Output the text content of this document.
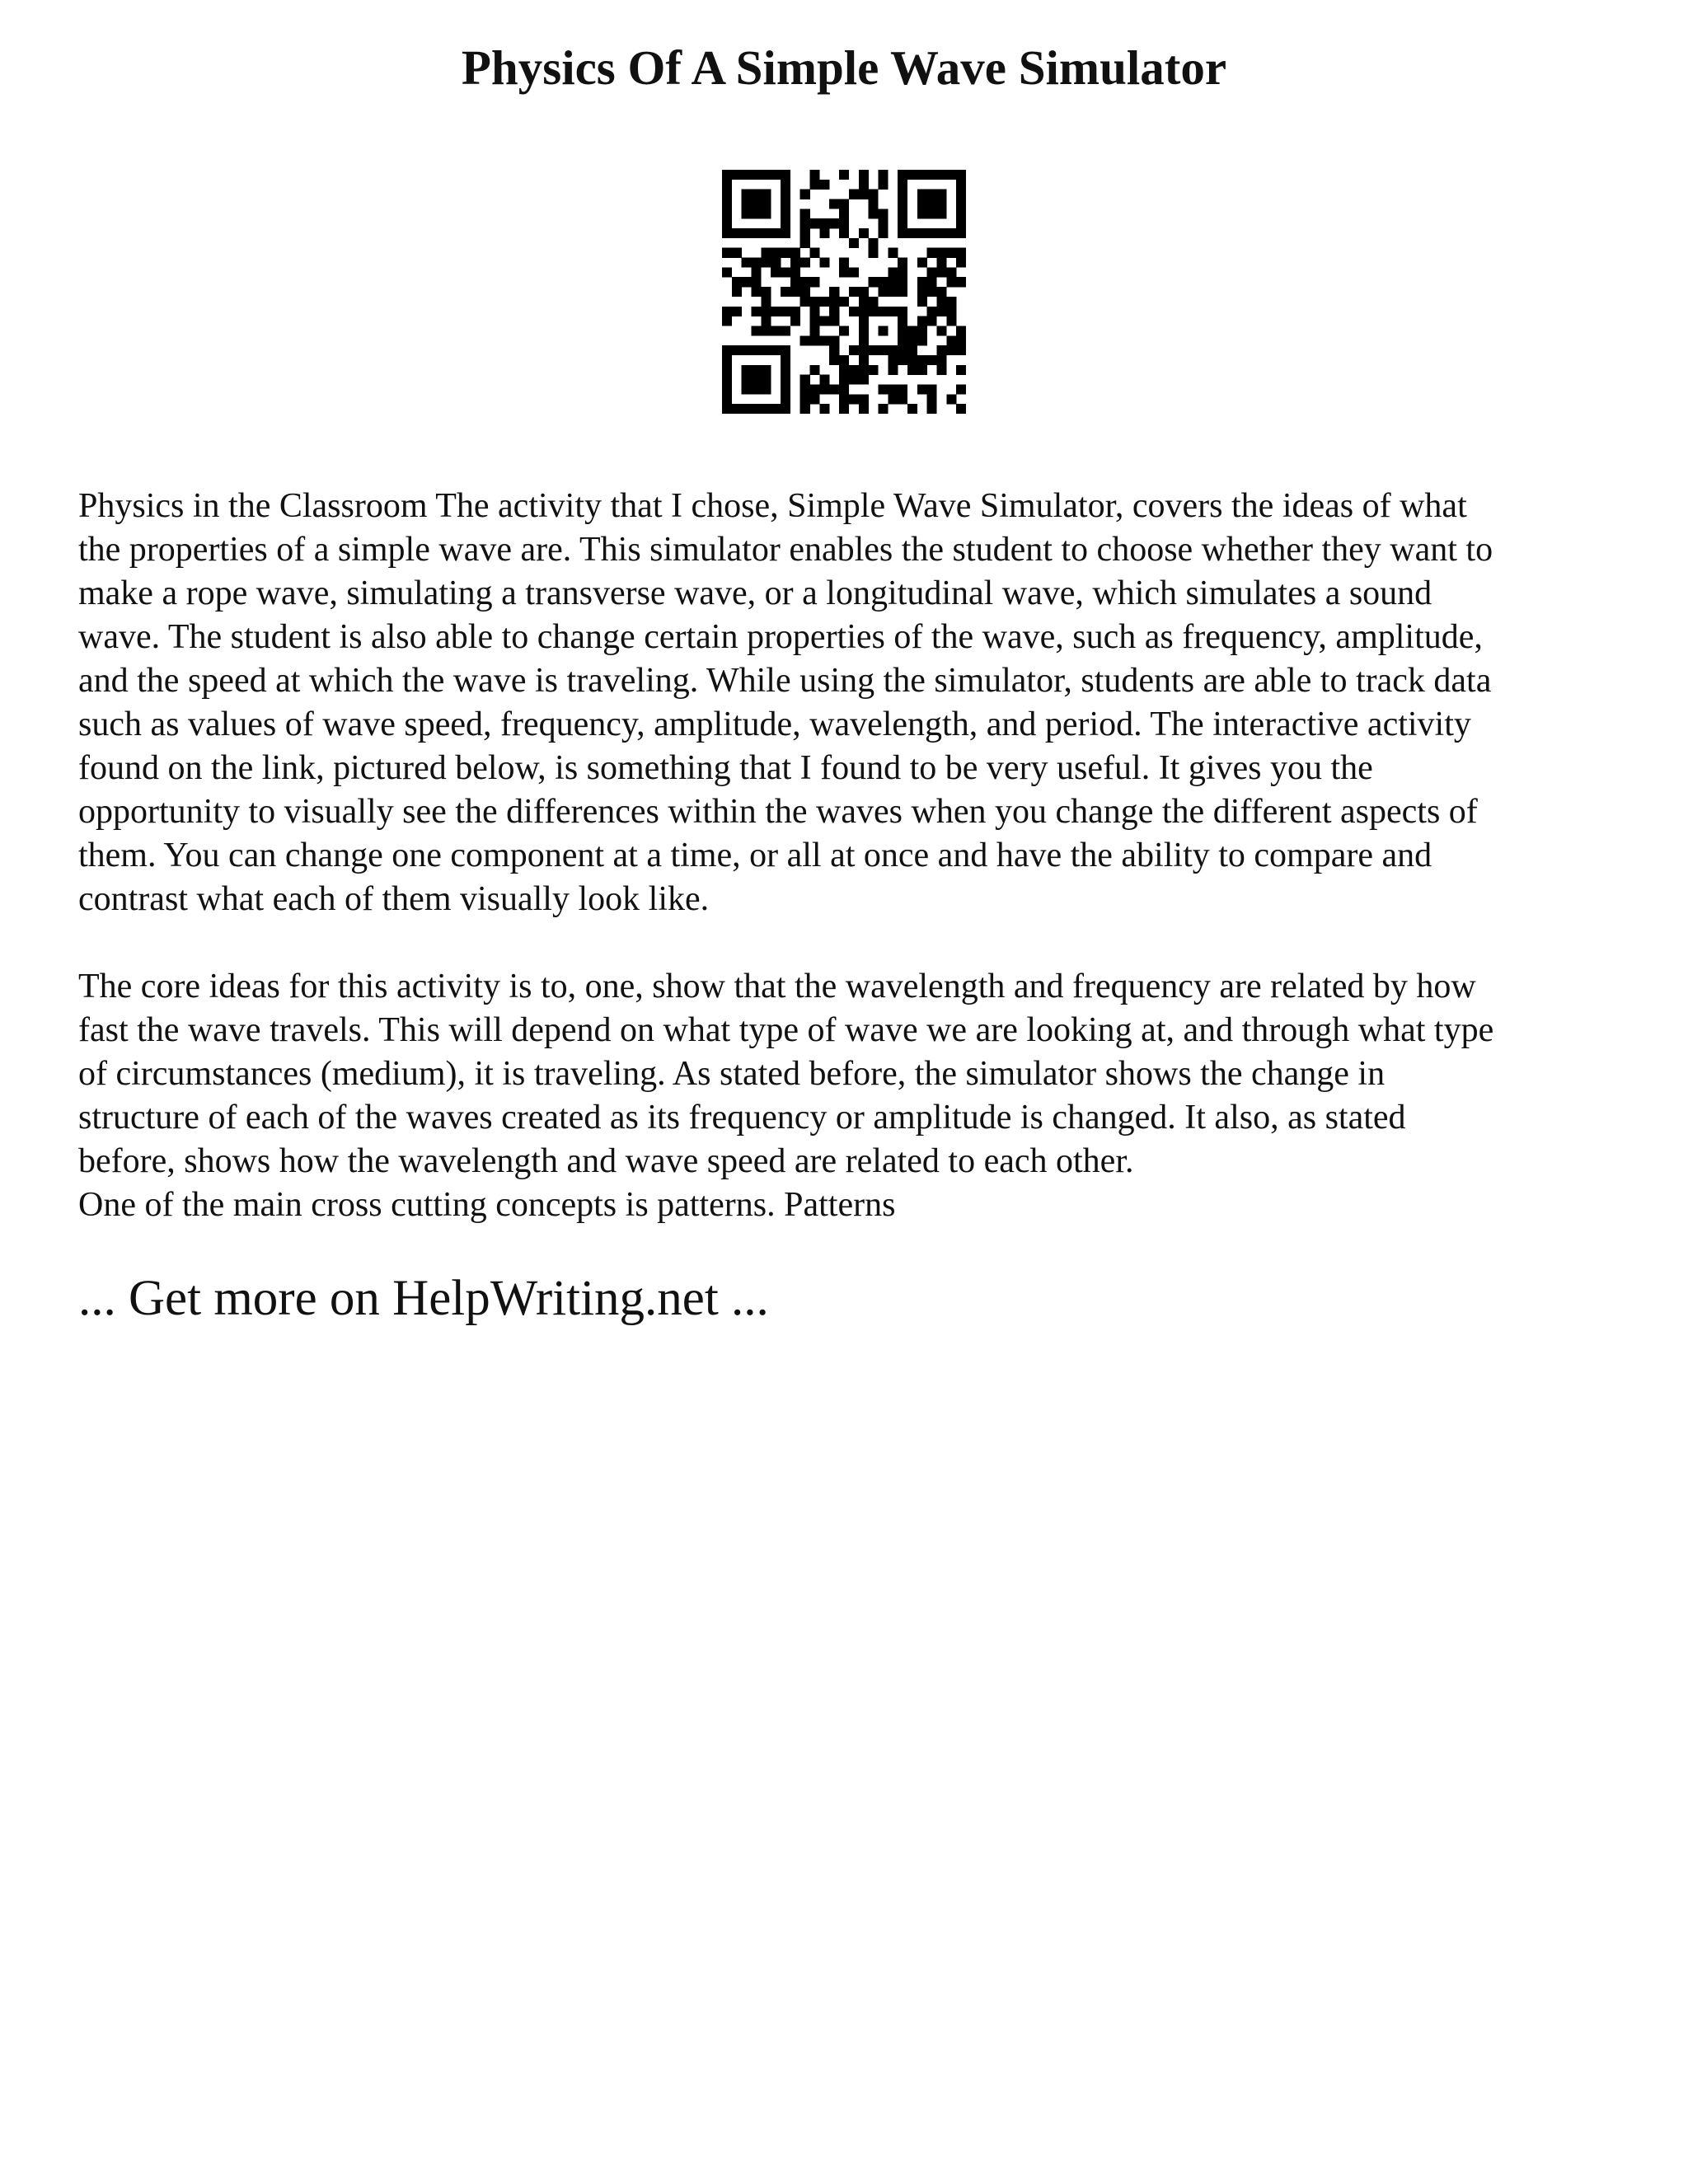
Physics Of A Simple Wave Simulator

Physics in the Classroom The activity that I chose, Simple Wave Simulator, covers the ideas of what
the properties of a simple wave are. This simulator enables the student to choose whether they want to
make a rope wave, simulating a transverse wave, or a longitudinal wave, which simulates a sound
wave. The student is also able to change certain properties of the wave, such as frequency, amplitude,
and the speed at which the wave is traveling. While using the simulator, students are able to track data
such as values of wave speed, frequency, amplitude, wavelength, and period. The interactive activity
found on the link, pictured below, is something that I found to be very useful. It gives you the
opportunity to visually see the differences within the waves when you change the different aspects of
them. You can change one component at a time, or all at once and have the ability to compare and
contrast what each of them visually look like.

The core ideas for this activity is to, one, show that the wavelength and frequency are related by how
fast the wave travels. This will depend on what type of wave we are looking at, and through what type
of circumstances (medium), it is traveling. As stated before, the simulator shows the change in
structure of each of the waves created as its frequency or amplitude is changed. It also, as stated
before, shows how the wavelength and wave speed are related to each other.
One of the main cross cutting concepts is patterns. Patterns

... Get more on HelpWriting.net ...
